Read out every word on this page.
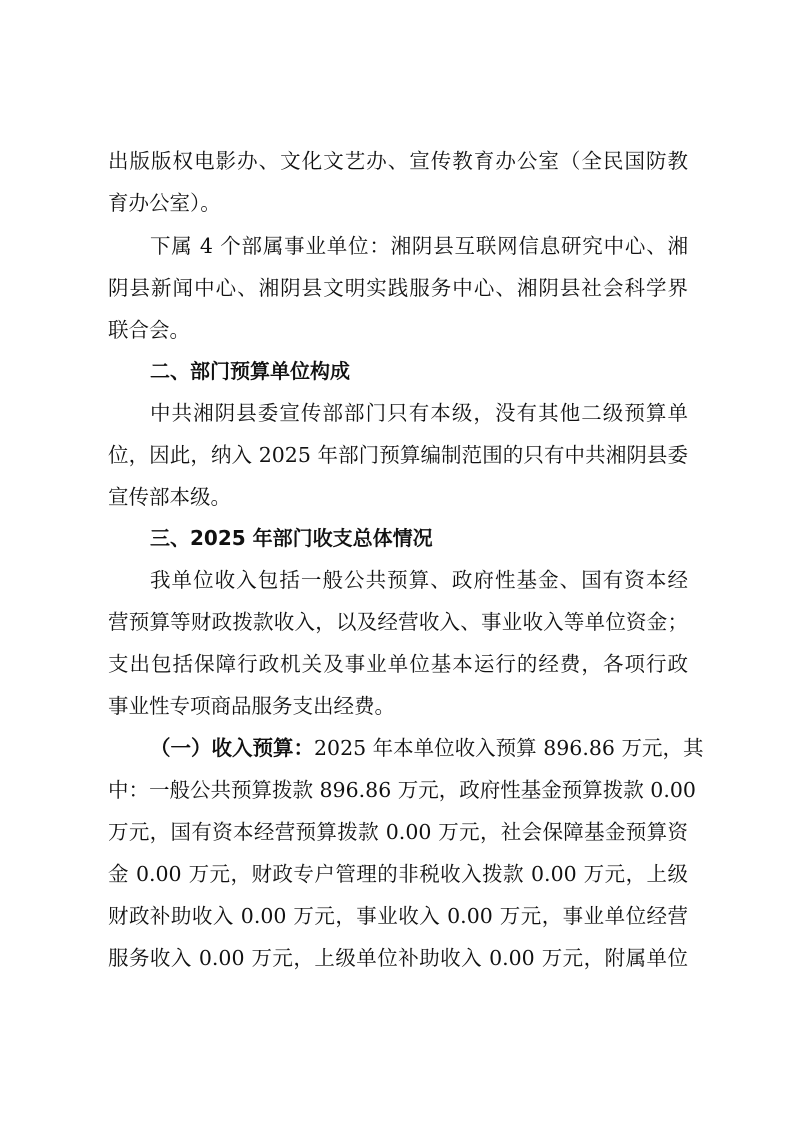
出版版权电影办、文化文艺办、宣传教育办公室（全民国防教
育办公室）。
下属 4 个部属事业单位：湘阴县互联网信息研究中心、湘
阴县新闻中心、湘阴县文明实践服务中心、湘阴县社会科学界
联合会。
二、部门预算单位构成
中共湘阴县委宣传部部门只有本级，没有其他二级预算单
位，因此，纳入 2025 年部门预算编制范围的只有中共湘阴县委
宣传部本级。
三、2025 年部门收支总体情况
我单位收入包括一般公共预算、政府性基金、国有资本经
营预算等财政拨款收入，以及经营收入、事业收入等单位资金；
支出包括保障行政机关及事业单位基本运行的经费，各项行政
事业性专项商品服务支出经费。
（一）收入预算： 2025 年本单位收入预算 896.86 万元，其
中：一般公共预算拨款 896.86 万元，政府性基金预算拨款 0.00
万元，国有资本经营预算拨款 0.00 万元，社会保障基金预算资
金 0.00 万元，财政专户管理的非税收入拨款 0.00 万元，上级
财政补助收入 0.00 万元，事业收入 0.00 万元，事业单位经营
服务收入 0.00 万元，上级单位补助收入 0.00 万元，附属单位
